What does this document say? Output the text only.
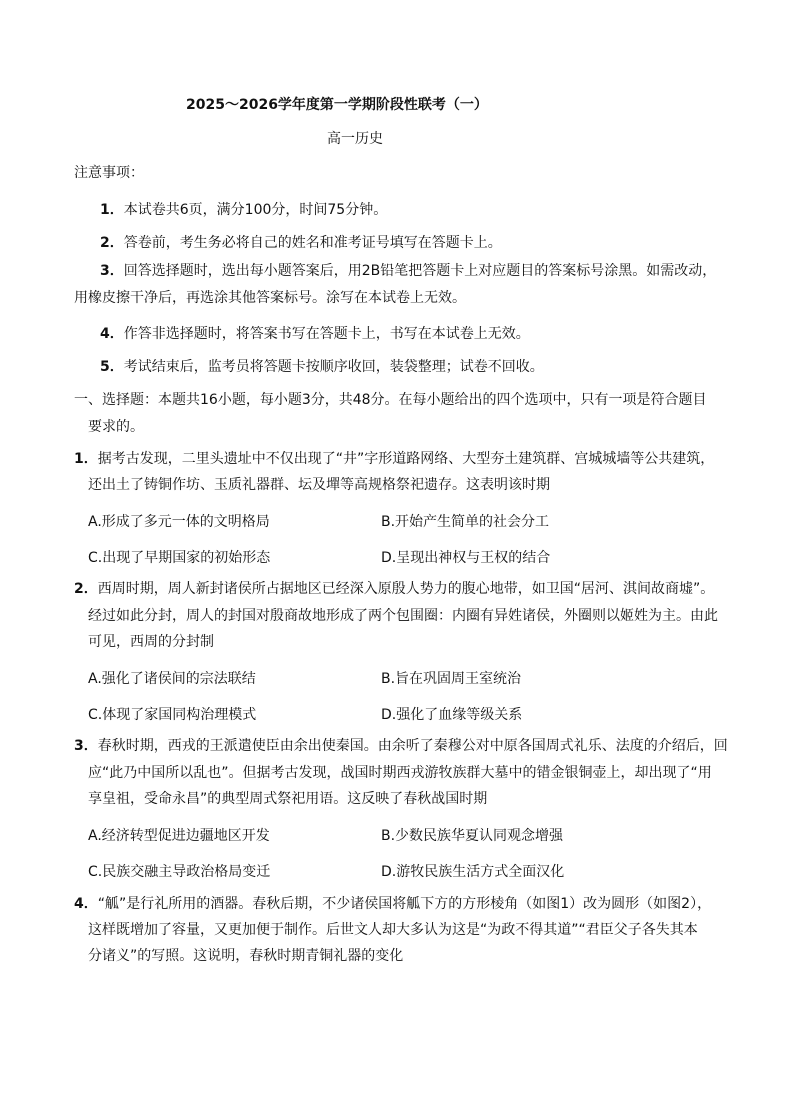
2025～2026学年度第一学期阶段性联考（一）
高一历史
注意事项：
1．本试卷共6页，满分100分，时间75分钟。
2．答卷前，考生务必将自己的姓名和准考证号填写在答题卡上。
3．回答选择题时，选出每小题答案后，用2B铅笔把答题卡上对应题目的答案标号涂黑。如需改动，
用橡皮擦干净后，再选涂其他答案标号。涂写在本试卷上无效。
4．作答非选择题时，将答案书写在答题卡上，书写在本试卷上无效。
5．考试结束后，监考员将答题卡按顺序收回，装袋整理；试卷不回收。
一、选择题：本题共16小题，每小题3分，共48分。在每小题给出的四个选项中，只有一项是符合题目
要求的。
1．据考古发现，二里头遗址中不仅出现了“井”字形道路网络、大型夯土建筑群、宫城城墙等公共建筑，
还出土了铸铜作坊、玉质礼器群、坛及墠等高规格祭祀遗存。这表明该时期
A.形成了多元一体的文明格局	B.开始产生简单的社会分工
C.出现了早期国家的初始形态	D.呈现出神权与王权的结合
2．西周时期，周人新封诸侯所占据地区已经深入原殷人势力的腹心地带，如卫国“居河、淇间故商墟”。
经过如此分封，周人的封国对殷商故地形成了两个包围圈：内圈有异姓诸侯，外圈则以姬姓为主。由此
可见，西周的分封制
A.强化了诸侯间的宗法联结	B.旨在巩固周王室统治
C.体现了家国同构治理模式	D.强化了血缘等级关系
3．春秋时期，西戎的王派遣使臣由余出使秦国。由余听了秦穆公对中原各国周式礼乐、法度的介绍后，回
应“此乃中国所以乱也”。但据考古发现，战国时期西戎游牧族群大墓中的错金银铜壶上，却出现了“用
享皇祖，受命永昌”的典型周式祭祀用语。这反映了春秋战国时期
A.经济转型促进边疆地区开发	B.少数民族华夏认同观念增强
C.民族交融主导政治格局变迁	D.游牧民族生活方式全面汉化
4．“觚”是行礼所用的酒器。春秋后期，不少诸侯国将觚下方的方形棱角（如图1）改为圆形（如图2），
这样既增加了容量，又更加便于制作。后世文人却大多认为这是“为政不得其道”“君臣父子各失其本
分诸义”的写照。这说明，春秋时期青铜礼器的变化
